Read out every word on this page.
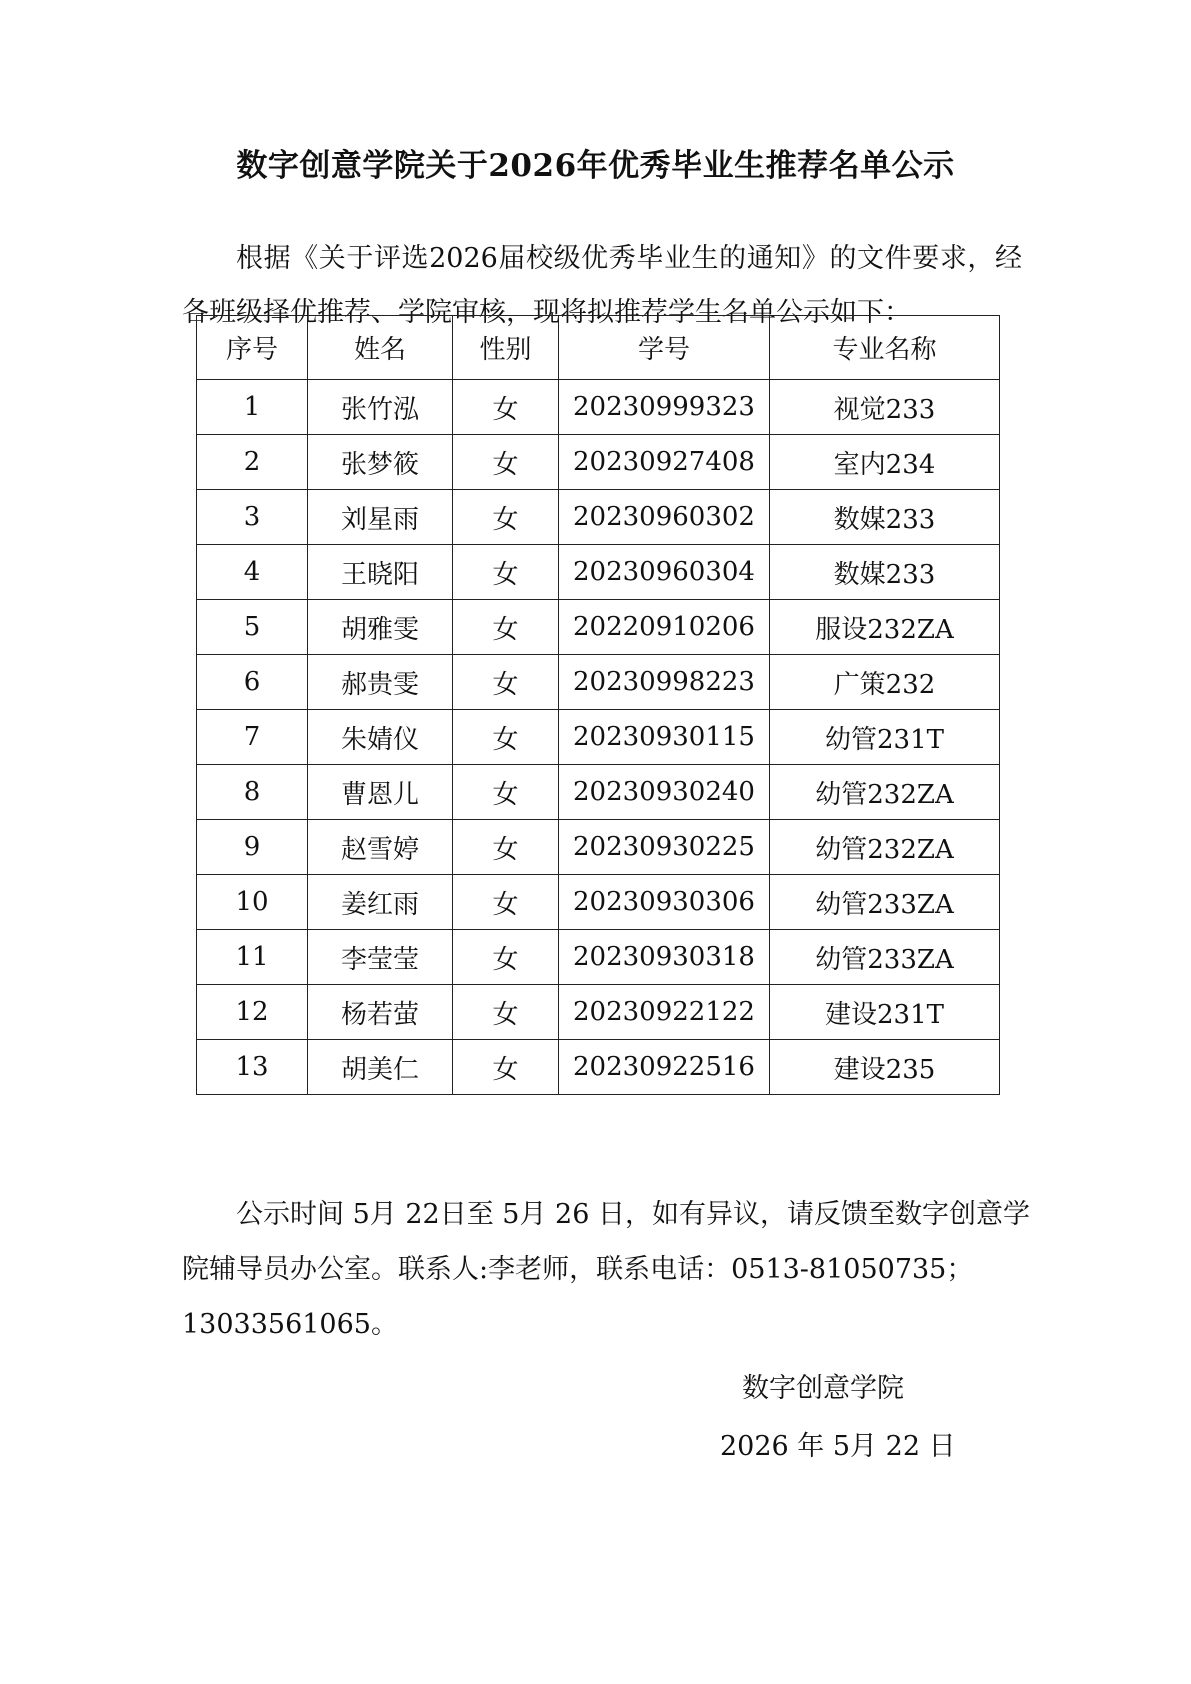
数字创意学院关于2026年优秀毕业生推荐名单公示

根据《关于评选2026届校级优秀毕业生的通知》的文件要求，经各班级择优推荐、学院审核，现将拟推荐学生名单公示如下：

序号	姓名	性别	学号	专业名称
1	张竹泓	女	20230999323	视觉233
2	张梦筱	女	20230927408	室内234
3	刘星雨	女	20230960302	数媒233
4	王晓阳	女	20230960304	数媒233
5	胡雅雯	女	20220910206	服设232ZA
6	郝贵雯	女	20230998223	广策232
7	朱婧仪	女	20230930115	幼管231T
8	曹恩儿	女	20230930240	幼管232ZA
9	赵雪婷	女	20230930225	幼管232ZA
10	姜红雨	女	20230930306	幼管233ZA
11	李莹莹	女	20230930318	幼管233ZA
12	杨若萤	女	20230922122	建设231T
13	胡美仁	女	20230922516	建设235

公示时间 5月 22日至 5月 26 日，如有异议，请反馈至数字创意学院辅导员办公室。联系人:李老师，联系电话：0513-81050735；13033561065。

数字创意学院
2026 年 5月 22 日
